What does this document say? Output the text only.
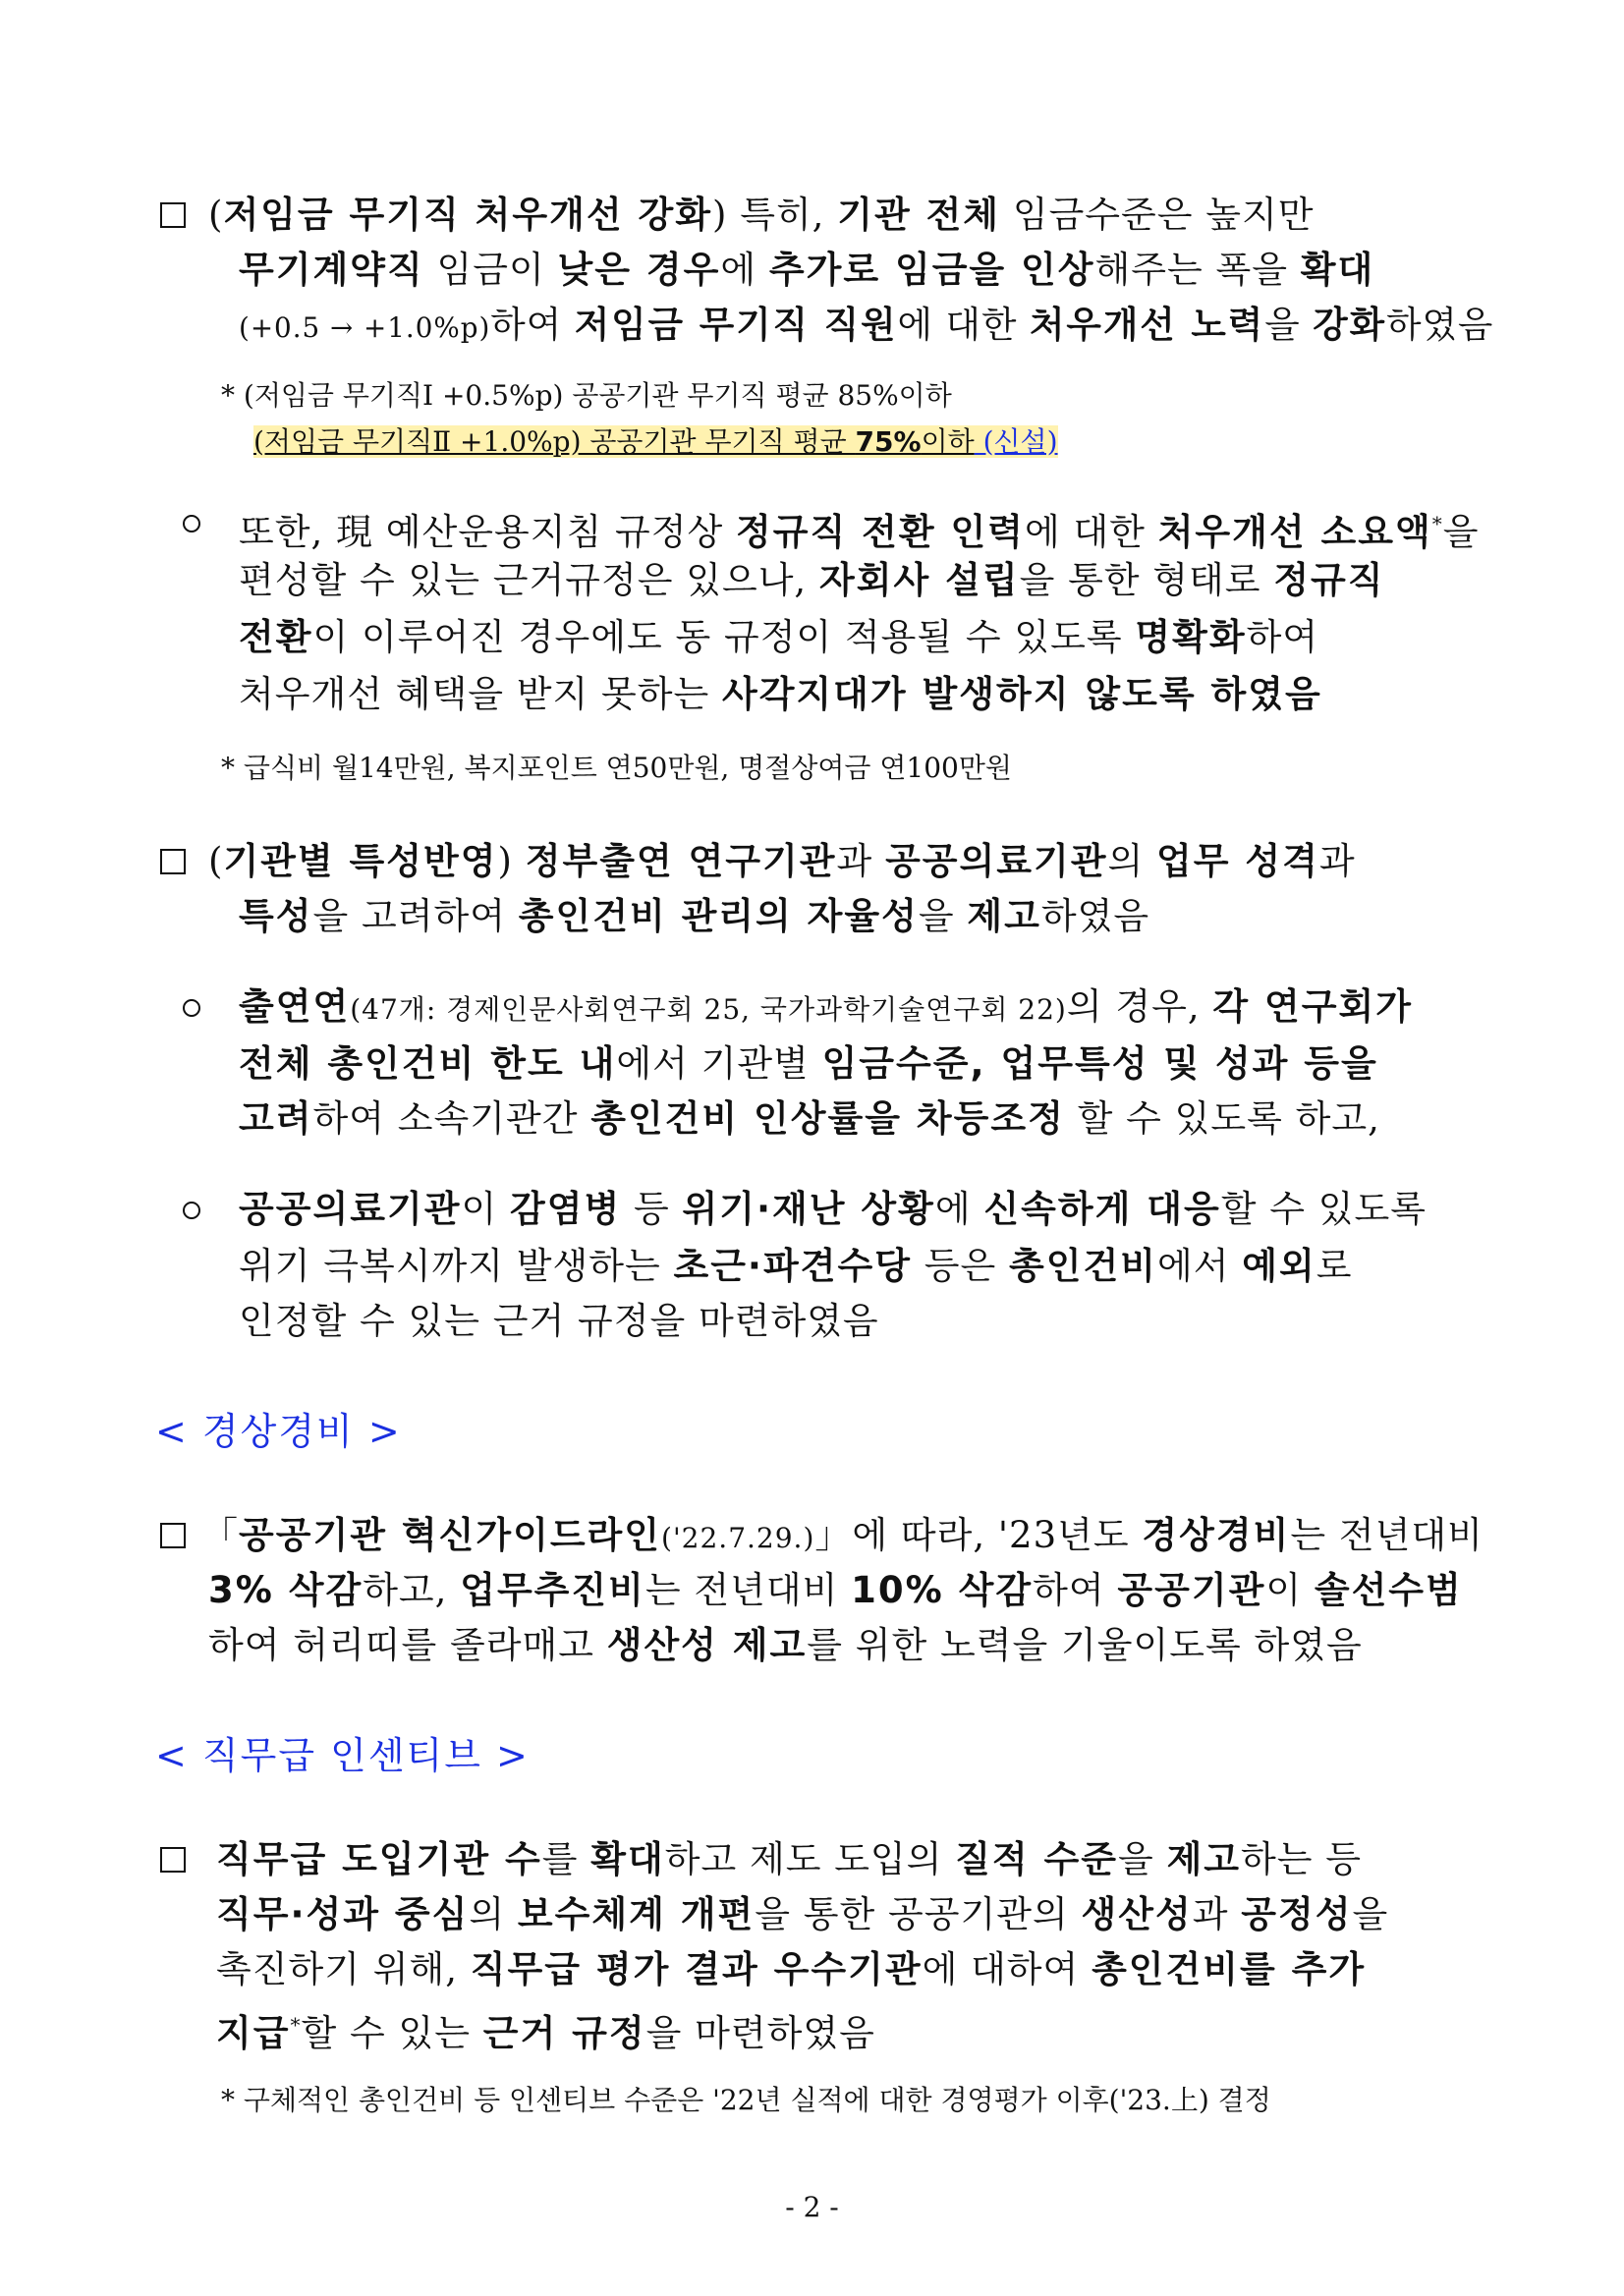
(저임금 무기직 처우개선 강화) 특히, 기관 전체 임금수준은 높지만
무기계약직 임금이 낮은 경우에 추가로 임금을 인상해주는 폭을 확대
(+0.5 → +1.0%p)하여 저임금 무기직 직원에 대한 처우개선 노력을 강화하였음
* (저임금 무기직Ⅰ +0.5%p) 공공기관 무기직 평균 85%이하
(저임금 무기직Ⅱ +1.0%p) 공공기관 무기직 평균 75%이하 (신설)
또한, 現 예산운용지침 규정상 정규직 전환 인력에 대한 처우개선 소요액*을
편성할 수 있는 근거규정은 있으나, 자회사 설립을 통한 형태로 정규직
전환이 이루어진 경우에도 동 규정이 적용될 수 있도록 명확화하여
처우개선 혜택을 받지 못하는 사각지대가 발생하지 않도록 하였음
* 급식비 월14만원, 복지포인트 연50만원, 명절상여금 연100만원
(기관별 특성반영) 정부출연 연구기관과 공공의료기관의 업무 성격과
특성을 고려하여 총인건비 관리의 자율성을 제고하였음
출연연(47개: 경제인문사회연구회 25, 국가과학기술연구회 22)의 경우, 각 연구회가
전체 총인건비 한도 내에서 기관별 임금수준, 업무특성 및 성과 등을
고려하여 소속기관간 총인건비 인상률을 차등조정 할 수 있도록 하고,
공공의료기관이 감염병 등 위기·재난 상황에 신속하게 대응할 수 있도록
위기 극복시까지 발생하는 초근·파견수당 등은 총인건비에서 예외로
인정할 수 있는 근거 규정을 마련하였음
< 경상경비 >
「공공기관 혁신가이드라인('22.7.29.)」에 따라, '23년도 경상경비는 전년대비
3% 삭감하고, 업무추진비는 전년대비 10% 삭감하여 공공기관이 솔선수범
하여 허리띠를 졸라매고 생산성 제고를 위한 노력을 기울이도록 하였음
< 직무급 인센티브 >
직무급 도입기관 수를 확대하고 제도 도입의 질적 수준을 제고하는 등
직무·성과 중심의 보수체계 개편을 통한 공공기관의 생산성과 공정성을
촉진하기 위해, 직무급 평가 결과 우수기관에 대하여 총인건비를 추가
지급*할 수 있는 근거 규정을 마련하였음
* 구체적인 총인건비 등 인센티브 수준은 '22년 실적에 대한 경영평가 이후('23.上) 결정
- 2 -
